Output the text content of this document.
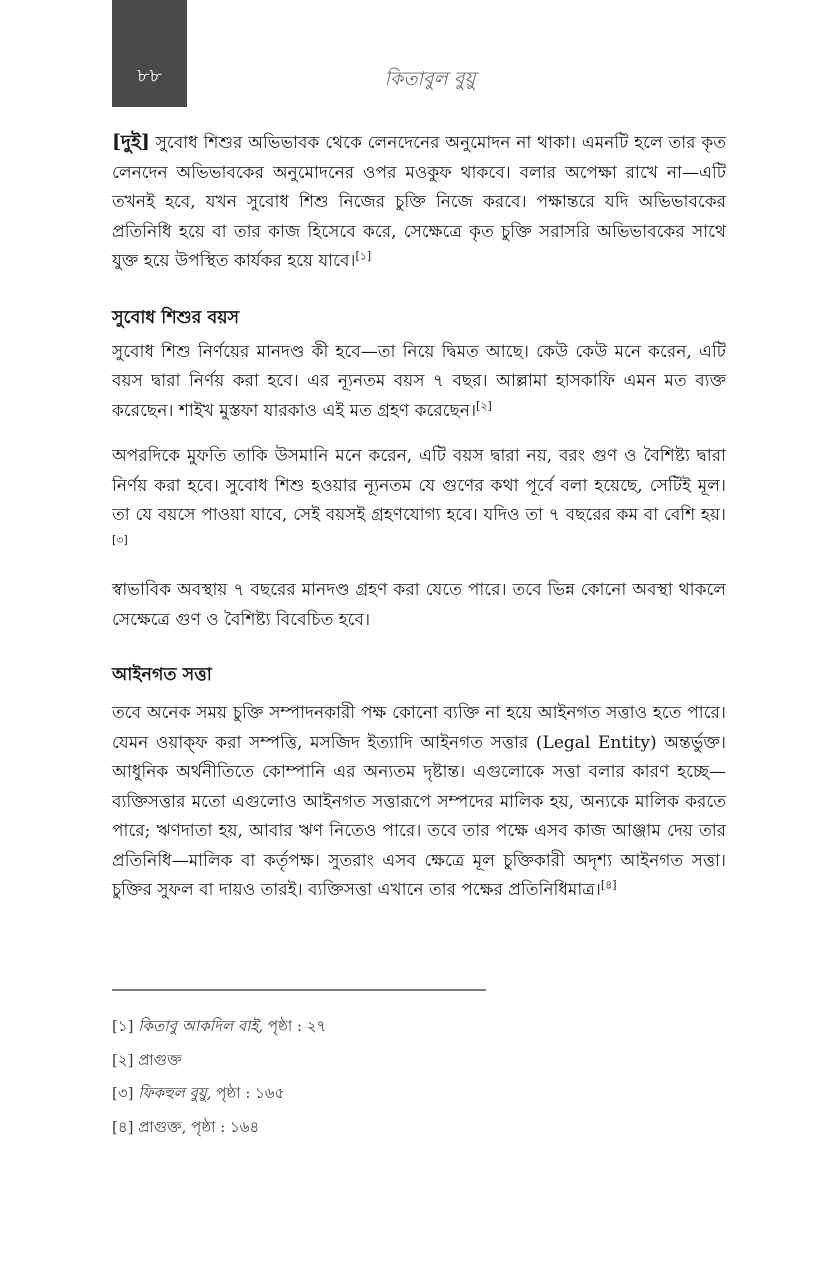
৮৮	কিতাবুল বুয়ু

[দুই] সুবোধ শিশুর অভিভাবক থেকে লেনদেনের অনুমোদন না থাকা। এমনটি হলে তার কৃত লেনদেন অভিভাবকের অনুমোদনের ওপর মওকুফ থাকবে। বলার অপেক্ষা রাখে না—এটি তখনই হবে, যখন সুবোধ শিশু নিজের চুক্তি নিজে করবে। পক্ষান্তরে যদি অভিভাবকের প্রতিনিধি হয়ে বা তার কাজ হিসেবে করে, সেক্ষেত্রে কৃত চুক্তি সরাসরি অভিভাবকের সাথে যুক্ত হয়ে উপস্থিত কার্যকর হয়ে যাবে।[১]

সুবোধ শিশুর বয়স

সুবোধ শিশু নির্ণয়ের মানদণ্ড কী হবে—তা নিয়ে দ্বিমত আছে। কেউ কেউ মনে করেন, এটি বয়স দ্বারা নির্ণয় করা হবে। এর ন্যূনতম বয়স ৭ বছর। আল্লামা হাসকাফি এমন মত ব্যক্ত করেছেন। শাইখ মুস্তফা যারকাও এই মত গ্রহণ করেছেন।[২]

অপরদিকে মুফতি তাকি উসমানি মনে করেন, এটি বয়স দ্বারা নয়, বরং গুণ ও বৈশিষ্ট্য দ্বারা নির্ণয় করা হবে। সুবোধ শিশু হওয়ার ন্যূনতম যে গুণের কথা পূর্বে বলা হয়েছে, সেটিই মূল। তা যে বয়সে পাওয়া যাবে, সেই বয়সই গ্রহণযোগ্য হবে। যদিও তা ৭ বছরের কম বা বেশি হয়।[৩]

স্বাভাবিক অবস্থায় ৭ বছরের মানদণ্ড গ্রহণ করা যেতে পারে। তবে ভিন্ন কোনো অবস্থা থাকলে সেক্ষেত্রে গুণ ও বৈশিষ্ট্য বিবেচিত হবে।

আইনগত সত্তা

তবে অনেক সময় চুক্তি সম্পাদনকারী পক্ষ কোনো ব্যক্তি না হয়ে আইনগত সত্তাও হতে পারে। যেমন ওয়াক্‌ফ করা সম্পত্তি, মসজিদ ইত্যাদি আইনগত সত্তার (Legal Entity) অন্তর্ভুক্ত। আধুনিক অর্থনীতিতে কোম্পানি এর অন্যতম দৃষ্টান্ত। এগুলোকে সত্তা বলার কারণ হচ্ছে—ব্যক্তিসত্তার মতো এগুলোও আইনগত সত্তারূপে সম্পদের মালিক হয়, অন্যকে মালিক করতে পারে; ঋণদাতা হয়, আবার ঋণ নিতেও পারে। তবে তার পক্ষে এসব কাজ আঞ্জাম দেয় তার প্রতিনিধি—মালিক বা কর্তৃপক্ষ। সুতরাং এসব ক্ষেত্রে মূল চুক্তিকারী অদৃশ্য আইনগত সত্তা। চুক্তির সুফল বা দায়ও তারই। ব্যক্তিসত্তা এখানে তার পক্ষের প্রতিনিধিমাত্র।[৪]

[১] কিতাবু আকদিল বাই, পৃষ্ঠা : ২৭
[২] প্রাগুক্ত
[৩] ফিকহুল বুয়ু, পৃষ্ঠা : ১৬৫
[৪] প্রাগুক্ত, পৃষ্ঠা : ১৬৪
